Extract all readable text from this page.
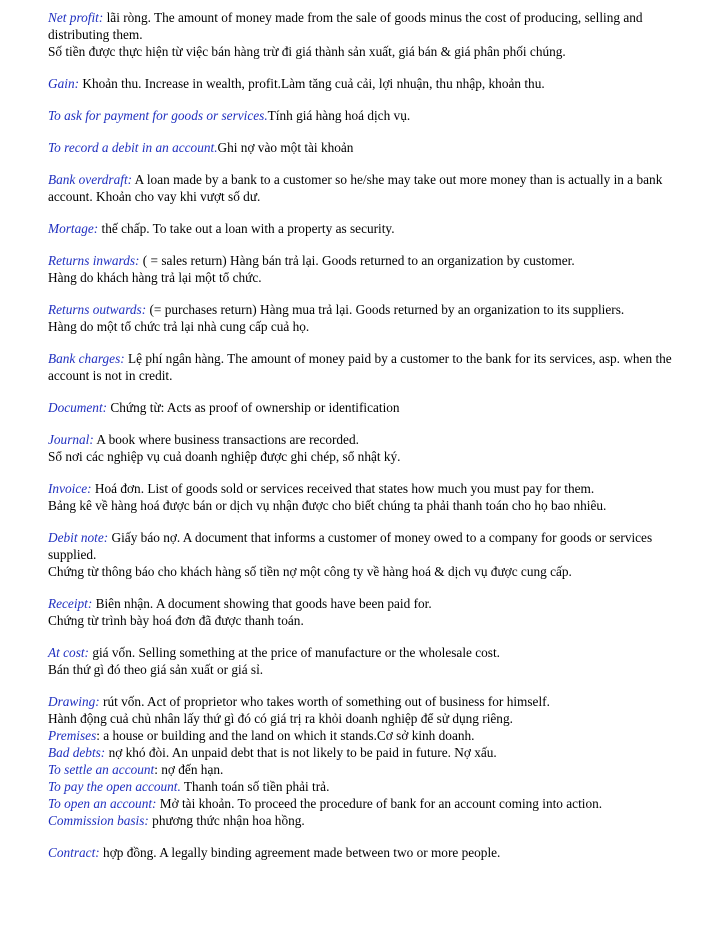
Net profit: lãi ròng. The amount of money made from the sale of goods minus the cost of producing, selling and distributing them.
Số tiền được thực hiện từ việc bán hàng trừ đi giá thành sản xuất, giá bán & giá phân phối chúng.
Gain: Khoản thu. Increase in wealth, profit.Làm tăng cuả cải, lợi nhuận, thu nhập, khoản thu.
To ask for payment for goods or services.Tính giá hàng hoá dịch vụ.
To record a debit in an account.Ghi nợ vào một tài khoản
Bank overdraft: A loan made by a bank to a customer so he/she may take out more money than is actually in a bank account. Khoản cho vay khi vượt số dư.
Mortage: thế chấp. To take out a loan with a property as security.
Returns inwards: ( = sales return) Hàng bán trả lại. Goods returned to an organization by customer.
Hàng do khách hàng trả lại một tổ chức.
Returns outwards: (= purchases return) Hàng mua trả lại. Goods returned by an organization to its suppliers.
Hàng do một tổ chức trả lại nhà cung cấp cuả họ.
Bank charges: Lệ phí ngân hàng. The amount of money paid by a customer to the bank for its services, asp. when the account is not in credit.
Document: Chứng từ: Acts as proof of ownership or identification
Journal: A book where business transactions are recorded.
Sổ nơi các nghiệp vụ cuả doanh nghiệp được ghi chép, sổ nhật ký.
Invoice: Hoá đơn. List of goods sold or services received that states how much you must pay for them.
Bảng kê về hàng hoá được bán or dịch vụ nhận được cho biết chúng ta phải thanh toán cho họ bao nhiêu.
Debit note: Giấy báo nợ. A document that informs a customer of money owed to a company for goods or services supplied.
Chứng từ thông báo cho khách hàng số tiền nợ một công ty về hàng hoá & dịch vụ được cung cấp.
Receipt: Biên nhận. A document showing that goods have been paid for.
Chứng từ trình bày hoá đơn đã được thanh toán.
At cost: giá vốn. Selling something at the price of manufacture or the wholesale cost.
Bán thứ gì đó theo giá sản xuất or giá sỉ.
Drawing: rút vốn. Act of proprietor who takes worth of something out of business for himself.
Hành động cuả chủ nhân lấy thứ gì đó có giá trị ra khỏi doanh nghiệp để sử dụng riêng.
Premises: a house or building and the land on which it stands.Cơ sở kinh doanh.
Bad debts: nợ khó đòi. An unpaid debt that is not likely to be paid in future. Nợ xấu.
To settle an account: nợ đến hạn.
To pay the open account. Thanh toán số tiền phải trả.
To open an account: Mở tài khoản. To proceed the procedure of bank for an account coming into action.
Commission basis: phương thức nhận hoa hồng.
Contract: hợp đồng. A legally binding agreement made between two or more people.
